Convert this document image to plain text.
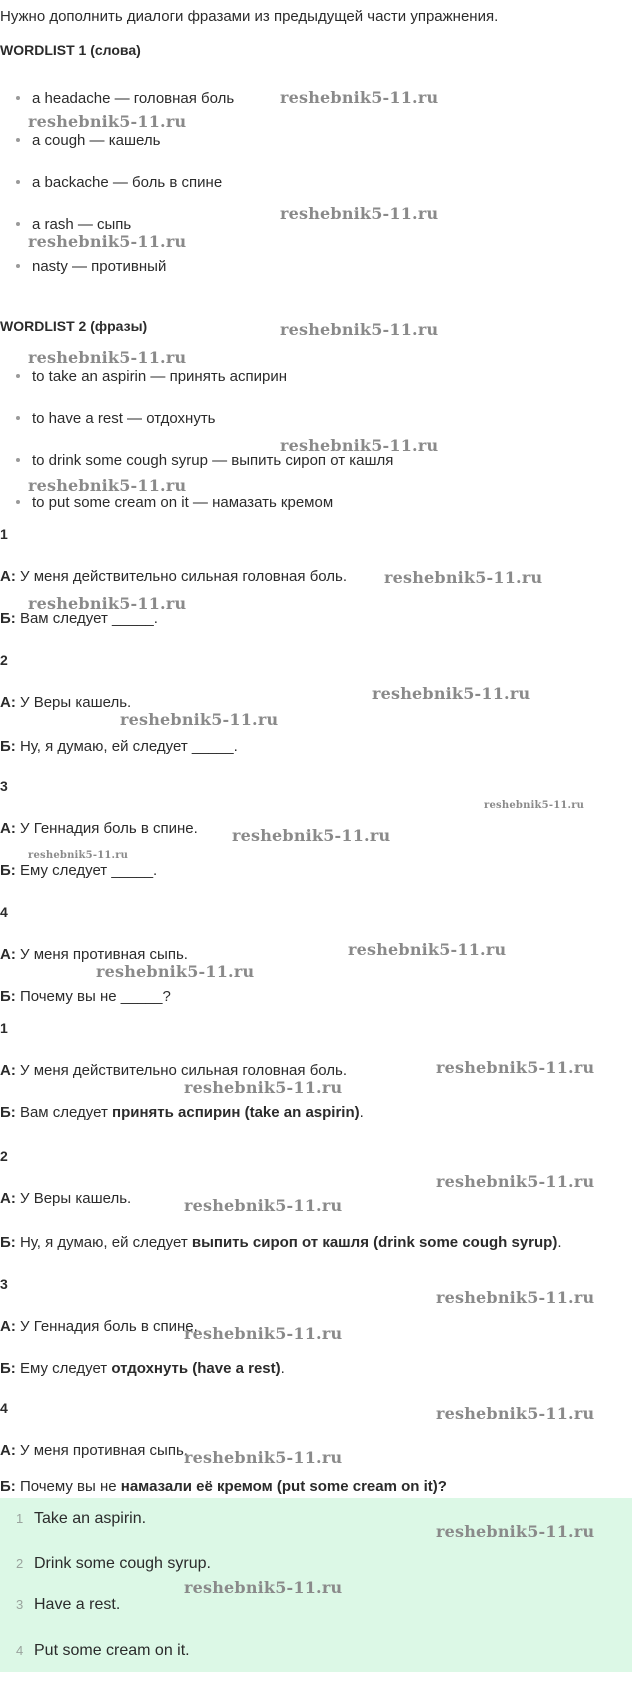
Нужно дополнить диалоги фразами из предыдущей части упражнения.
WORDLIST 1 (слова)
a headache — головная боль
a cough — кашель
a backache — боль в спине
a rash — сыпь
nasty — противный
WORDLIST 2 (фразы)
to take an aspirin — принять аспирин
to have a rest — отдохнуть
to drink some cough syrup — выпить сироп от кашля
to put some cream on it — намазать кремом
1
А: У меня действительно сильная головная боль.
Б: Вам следует _____.
2
А: У Веры кашель.
Б: Ну, я думаю, ей следует _____.
3
А: У Геннадия боль в спине.
Б: Ему следует _____.
4
А: У меня противная сыпь.
Б: Почему вы не _____?
1
А: У меня действительно сильная головная боль.
Б: Вам следует принять аспирин (take an aspirin).
2
А: У Веры кашель.
Б: Ну, я думаю, ей следует выпить сироп от кашля (drink some cough syrup).
3
А: У Геннадия боль в спине.
Б: Ему следует отдохнуть (have a rest).
4
А: У меня противная сыпь.
Б: Почему вы не намазали её кремом (put some cream on it)?
1 Take an aspirin.
2 Drink some cough syrup.
3 Have a rest.
4 Put some cream on it.
reshebnik5-11.ru
reshebnik5-11.ru
reshebnik5-11.ru
reshebnik5-11.ru
reshebnik5-11.ru
reshebnik5-11.ru
reshebnik5-11.ru
reshebnik5-11.ru
reshebnik5-11.ru
reshebnik5-11.ru
reshebnik5-11.ru
reshebnik5-11.ru
reshebnik5-11.ru
reshebnik5-11.ru
reshebnik5-11.ru
reshebnik5-11.ru
reshebnik5-11.ru
reshebnik5-11.ru
reshebnik5-11.ru
reshebnik5-11.ru
reshebnik5-11.ru
reshebnik5-11.ru
reshebnik5-11.ru
reshebnik5-11.ru
reshebnik5-11.ru
reshebnik5-11.ru
reshebnik5-11.ru
